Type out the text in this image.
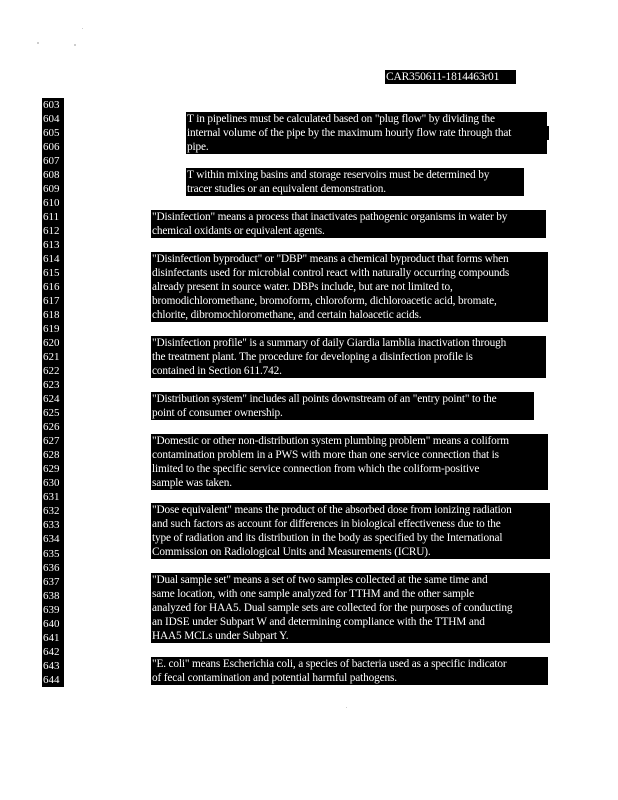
CAR350611-1814463r01
603
604
605
606
607
608
609
610
611
612
613
614
615
616
617
618
619
620
621
622
623
624
625
626
627
628
629
630
631
632
633
634
635
636
637
638
639
640
641
642
643
644
T in pipelines must be calculated based on "plug flow" by dividing the
internal volume of the pipe by the maximum hourly flow rate through that
pipe.
T within mixing basins and storage reservoirs must be determined by
tracer studies or an equivalent demonstration.
"Disinfection" means a process that inactivates pathogenic organisms in water by
chemical oxidants or equivalent agents.
"Disinfection byproduct" or "DBP" means a chemical byproduct that forms when
disinfectants used for microbial control react with naturally occurring compounds
already present in source water. DBPs include, but are not limited to,
bromodichloromethane, bromoform, chloroform, dichloroacetic acid, bromate,
chlorite, dibromochloromethane, and certain haloacetic acids.
"Disinfection profile" is a summary of daily Giardia lamblia inactivation through
the treatment plant. The procedure for developing a disinfection profile is
contained in Section 611.742.
"Distribution system" includes all points downstream of an "entry point" to the
point of consumer ownership.
"Domestic or other non-distribution system plumbing problem" means a coliform
contamination problem in a PWS with more than one service connection that is
limited to the specific service connection from which the coliform-positive
sample was taken.
"Dose equivalent" means the product of the absorbed dose from ionizing radiation
and such factors as account for differences in biological effectiveness due to the
type of radiation and its distribution in the body as specified by the International
Commission on Radiological Units and Measurements (ICRU).
"Dual sample set" means a set of two samples collected at the same time and
same location, with one sample analyzed for TTHM and the other sample
analyzed for HAA5. Dual sample sets are collected for the purposes of conducting
an IDSE under Subpart W and determining compliance with the TTHM and
HAA5 MCLs under Subpart Y.
"E. coli" means Escherichia coli, a species of bacteria used as a specific indicator
of fecal contamination and potential harmful pathogens.
